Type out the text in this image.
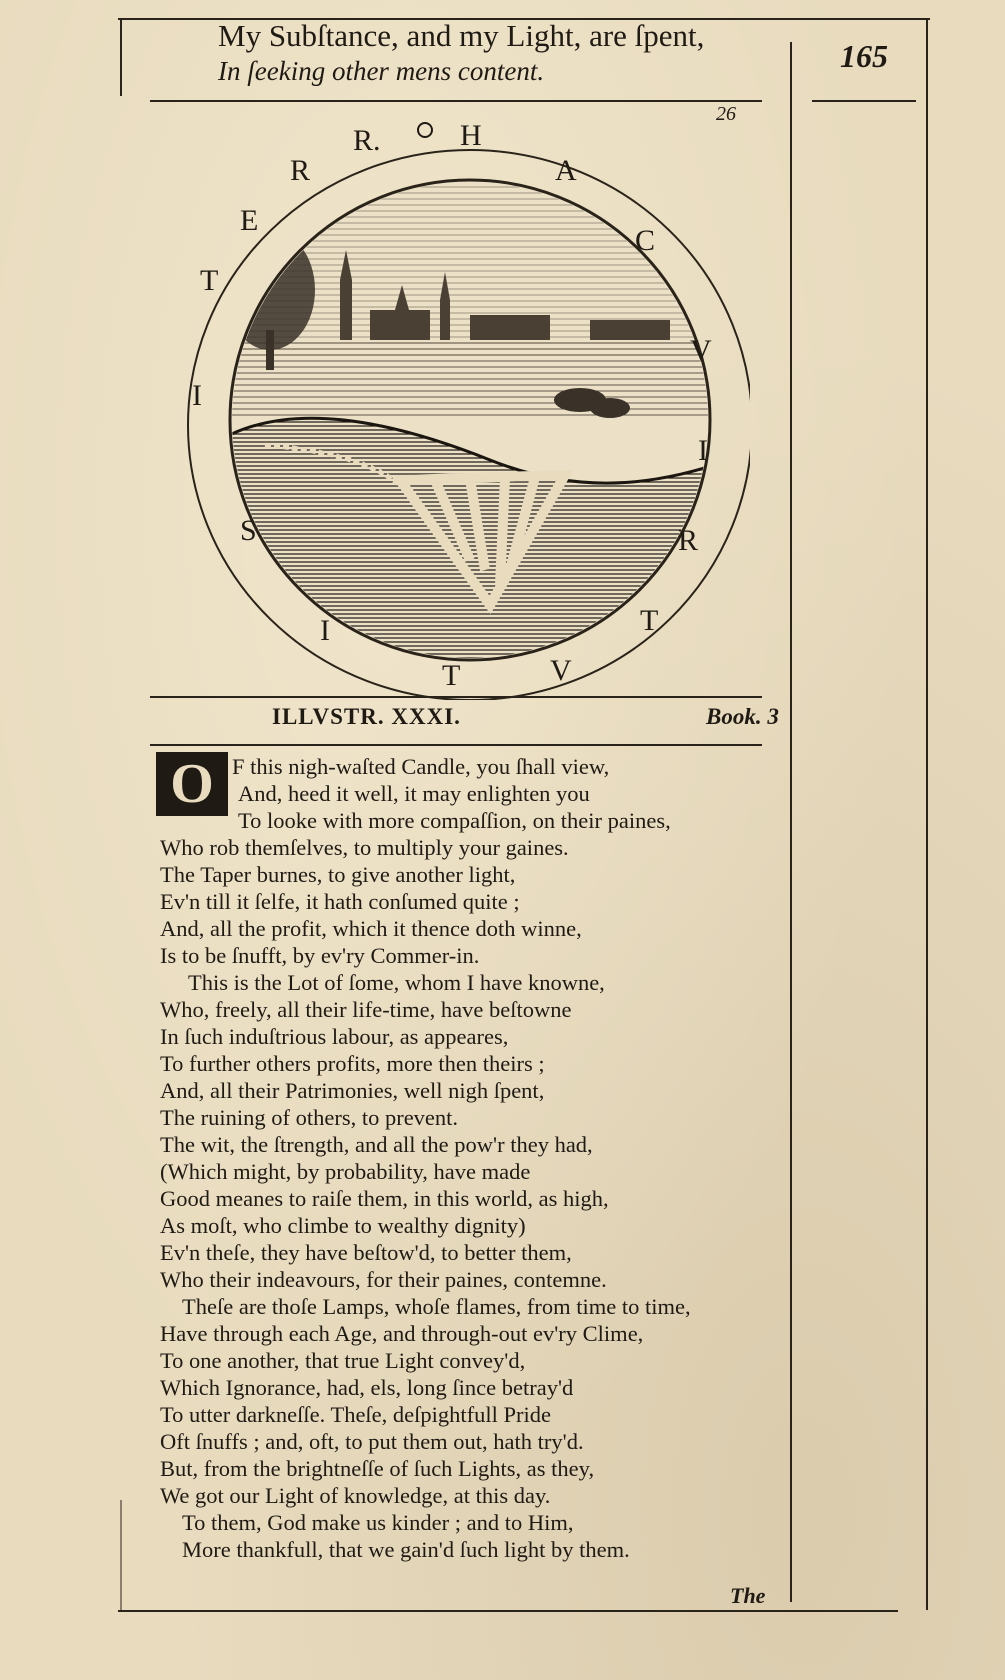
My Subſtance, and my Light, are ſpent,
In ſeeking other mens content.	165
26
R.	H
A
C
V
I
R
T
V
T
I
S
I
T
E
R
ILLVSTR. XXXI.	Book. 3
O F this nigh-waſted Candle, you ſhall view,
And, heed it well, it may enlighten you
To looke with more compaſſion, on their paines,
Who rob themſelves, to multiply your gaines.
The Taper burnes, to give another light,
Ev'n till it ſelfe, it hath conſumed quite ;
And, all the profit, which it thence doth winne,
Is to be ſnufft, by ev'ry Commer-in.
This is the Lot of ſome, whom I have knowne,
Who, freely, all their life-time, have beſtowne
In ſuch induſtrious labour, as appeares,
To further others profits, more then theirs ;
And, all their Patrimonies, well nigh ſpent,
The ruining of others, to prevent.
The wit, the ſtrength, and all the pow'r they had,
(Which might, by probability, have made
Good meanes to raiſe them, in this world, as high,
As moſt, who climbe to wealthy dignity)
Ev'n theſe, they have beſtow'd, to better them,
Who their indeavours, for their paines, contemne.
Theſe are thoſe Lamps, whoſe flames, from time to time,
Have through each Age, and through-out ev'ry Clime,
To one another, that true Light convey'd,
Which Ignorance, had, els, long ſince betray'd
To utter darkneſſe. Theſe, deſpightfull Pride
Oft ſnuffs ; and, oft, to put them out, hath try'd.
But, from the brightneſſe of ſuch Lights, as they,
We got our Light of knowledge, at this day.
To them, God make us kinder ; and to Him,
More thankfull, that we gain'd ſuch light by them.
The
